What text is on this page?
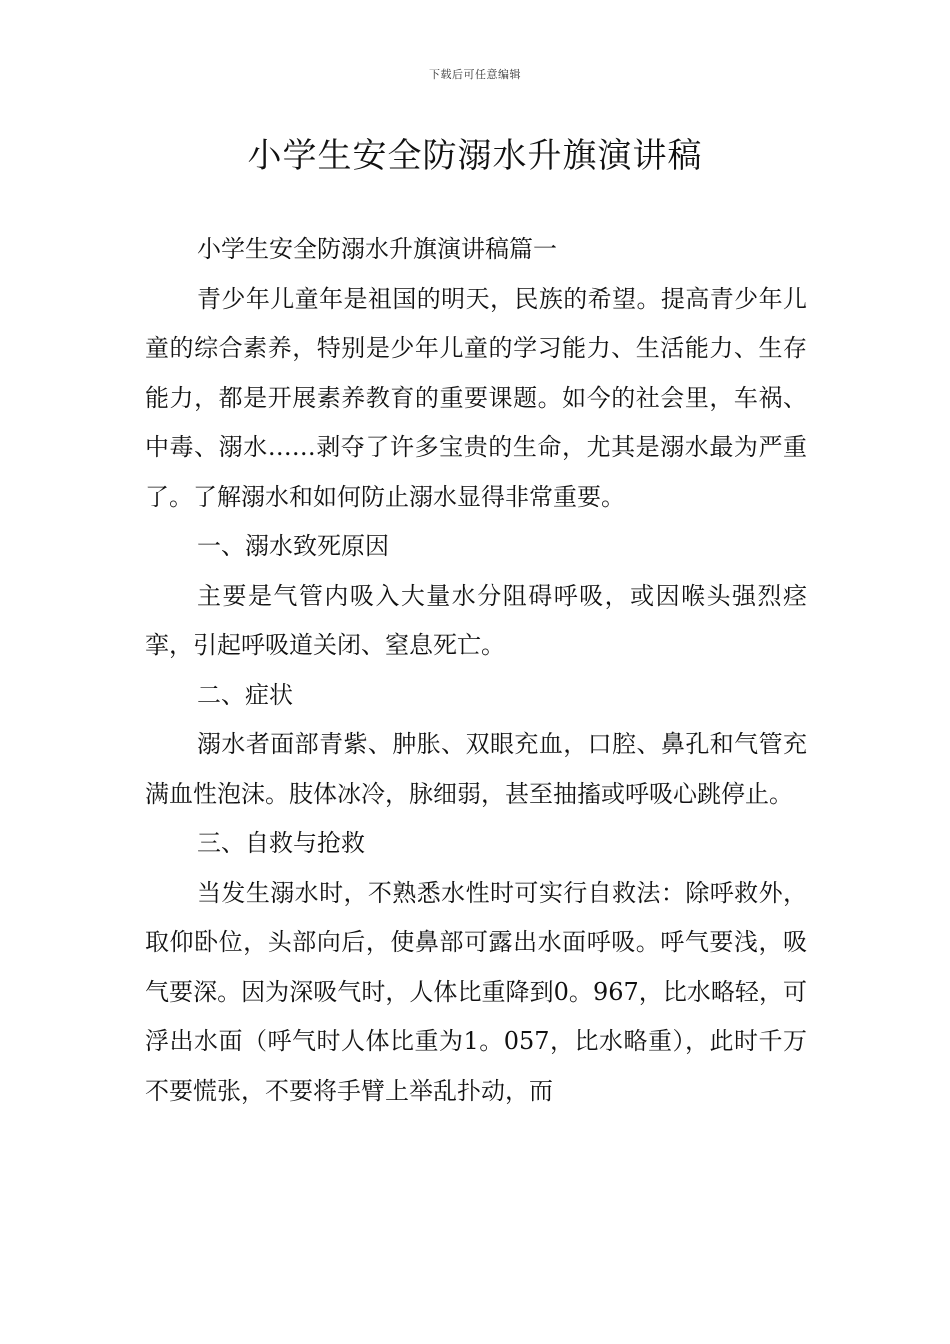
下载后可任意编辑
小学生安全防溺水升旗演讲稿

小学生安全防溺水升旗演讲稿篇一

青少年儿童年是祖国的明天，民族的希望。提高青少年儿童的综合素养，特别是少年儿童的学习能力、生活能力、生存能力，都是开展素养教育的重要课题。如今的社会里，车祸、中毒、溺水……剥夺了许多宝贵的生命，尤其是溺水最为严重了。了解溺水和如何防止溺水显得非常重要。

一、溺水致死原因

主要是气管内吸入大量水分阻碍呼吸，或因喉头强烈痉挛，引起呼吸道关闭、窒息死亡。

二、症状

溺水者面部青紫、肿胀、双眼充血，口腔、鼻孔和气管充满血性泡沫。肢体冰冷，脉细弱，甚至抽搐或呼吸心跳停止。

三、自救与抢救

当发生溺水时，不熟悉水性时可实行自救法：除呼救外，取仰卧位，头部向后，使鼻部可露出水面呼吸。呼气要浅，吸气要深。因为深吸气时，人体比重降到0。967，比水略轻，可浮出水面（呼气时人体比重为1。057，比水略重），此时千万不要慌张，不要将手臂上举乱扑动，而
